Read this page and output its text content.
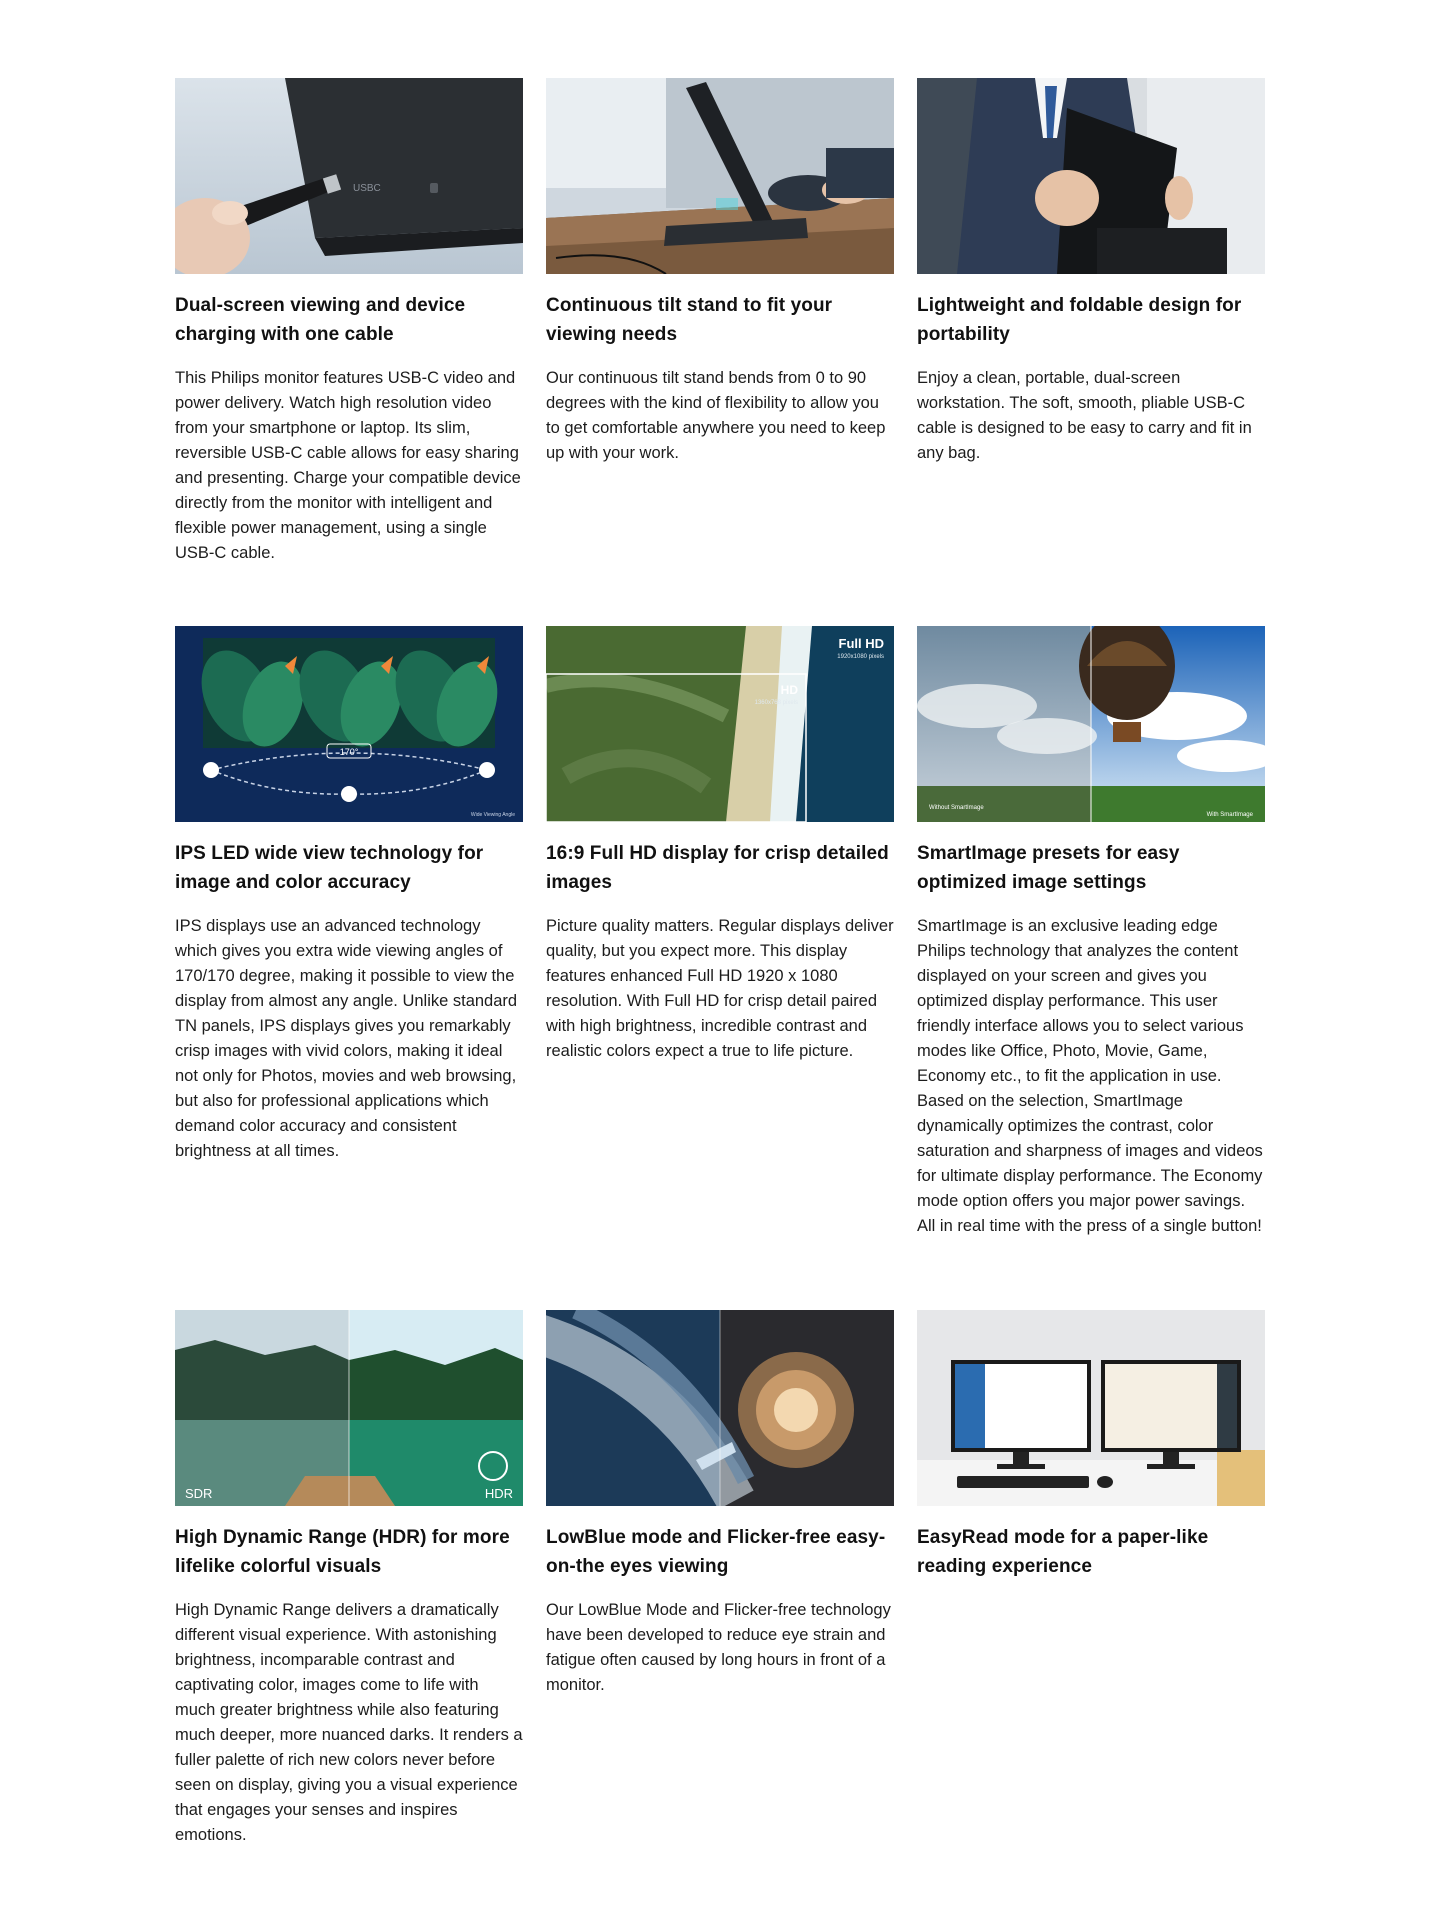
USBC
Dual-screen viewing and device charging with one cable

This Philips monitor features USB-C video and power delivery. Watch high resolution video from your smartphone or laptop. Its slim, reversible USB-C cable allows for easy sharing and presenting. Charge your compatible device directly from the monitor with intelligent and flexible power management, using a single USB-C cable.

Continuous tilt stand to fit your viewing needs

Our continuous tilt stand bends from 0 to 90 degrees with the kind of flexibility to allow you to get comfortable anywhere you need to keep up with your work.

Lightweight and foldable design for portability

Enjoy a clean, portable, dual-screen workstation. The soft, smooth, pliable USB-C cable is designed to be easy to carry and fit in any bag.

170°
Wide Viewing Angle
IPS LED wide view technology for image and color accuracy

IPS displays use an advanced technology which gives you extra wide viewing angles of 170/170 degree, making it possible to view the display from almost any angle. Unlike standard TN panels, IPS displays gives you remarkably crisp images with vivid colors, making it ideal not only for Photos, movies and web browsing, but also for professional applications which demand color accuracy and consistent brightness at all times.

Full HD
1920x1080 pixels
HD
1360x768 pixels
16:9 Full HD display for crisp detailed images

Picture quality matters. Regular displays deliver quality, but you expect more. This display features enhanced Full HD 1920 x 1080 resolution. With Full HD for crisp detail paired with high brightness, incredible contrast and realistic colors expect a true to life picture.

Without SmartImage
With SmartImage
SmartImage presets for easy optimized image settings

SmartImage is an exclusive leading edge Philips technology that analyzes the content displayed on your screen and gives you optimized display performance. This user friendly interface allows you to select various modes like Office, Photo, Movie, Game, Economy etc., to fit the application in use. Based on the selection, SmartImage dynamically optimizes the contrast, color saturation and sharpness of images and videos for ultimate display performance. The Economy mode option offers you major power savings. All in real time with the press of a single button!

SDR	HDR
High Dynamic Range (HDR) for more lifelike colorful visuals

High Dynamic Range delivers a dramatically different visual experience. With astonishing brightness, incomparable contrast and captivating color, images come to life with much greater brightness while also featuring much deeper, more nuanced darks. It renders a fuller palette of rich new colors never before seen on display, giving you a visual experience that engages your senses and inspires emotions.

LowBlue mode and Flicker-free easy-on-the eyes viewing

Our LowBlue Mode and Flicker-free technology have been developed to reduce eye strain and fatigue often caused by long hours in front of a monitor.

EasyRead mode for a paper-like reading experience
